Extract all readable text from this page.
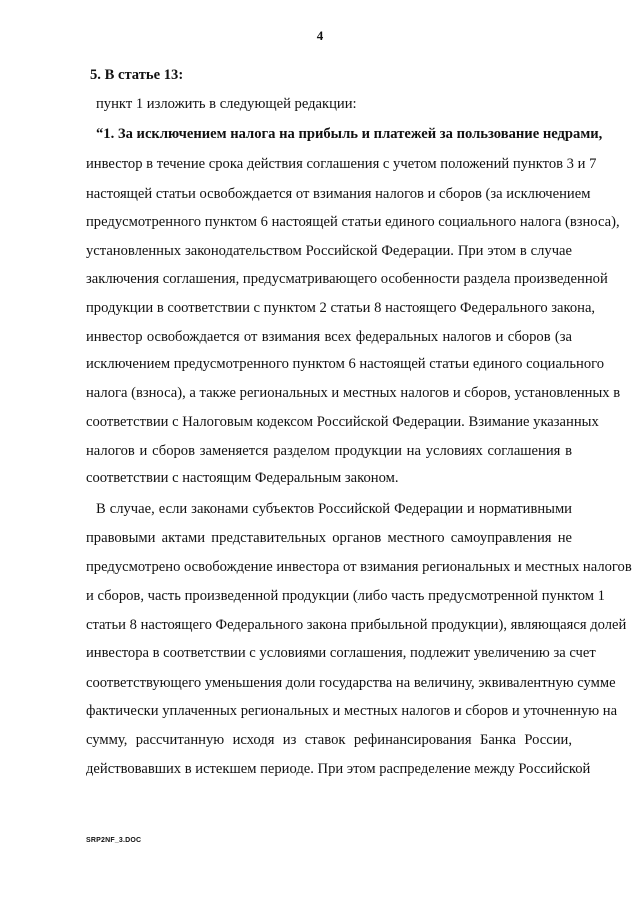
4
5. В статье 13:
пункт 1 изложить в следующей редакции:
“1. За исключением налога на прибыль и платежей за пользование недрами,
инвестор в течение срока действия соглашения с учетом положений пунктов 3 и 7
настоящей статьи освобождается от взимания налогов и сборов (за исключением
предусмотренного пунктом 6 настоящей статьи единого социального налога (взноса),
установленных законодательством Российской Федерации. При этом в случае
заключения соглашения, предусматривающего особенности раздела произведенной
продукции в соответствии с пунктом 2 статьи 8 настоящего Федерального закона,
инвестор освобождается от взимания всех федеральных налогов и сборов (за
исключением предусмотренного пунктом 6 настоящей статьи единого социального
налога (взноса), а также региональных и местных налогов и сборов, установленных в
соответствии с Налоговым кодексом Российской Федерации. Взимание указанных
налогов и сборов заменяется разделом продукции на условиях соглашения в
соответствии с настоящим Федеральным законом.
В случае, если законами субъектов Российской Федерации и нормативными
правовыми актами представительных органов местного самоуправления не
предусмотрено освобождение инвестора от взимания региональных и местных налогов
и сборов, часть произведенной продукции (либо часть предусмотренной пунктом 1
статьи 8 настоящего Федерального закона прибыльной продукции), являющаяся долей
инвестора в соответствии с условиями соглашения, подлежит увеличению за счет
соответствующего уменьшения доли государства на величину, эквивалентную сумме
фактически уплаченных региональных и местных налогов и сборов и уточненную на
сумму, рассчитанную исходя из ставок рефинансирования Банка России,
действовавших в истекшем периоде. При этом распределение между Российской
SRP2NF_3.DOC
